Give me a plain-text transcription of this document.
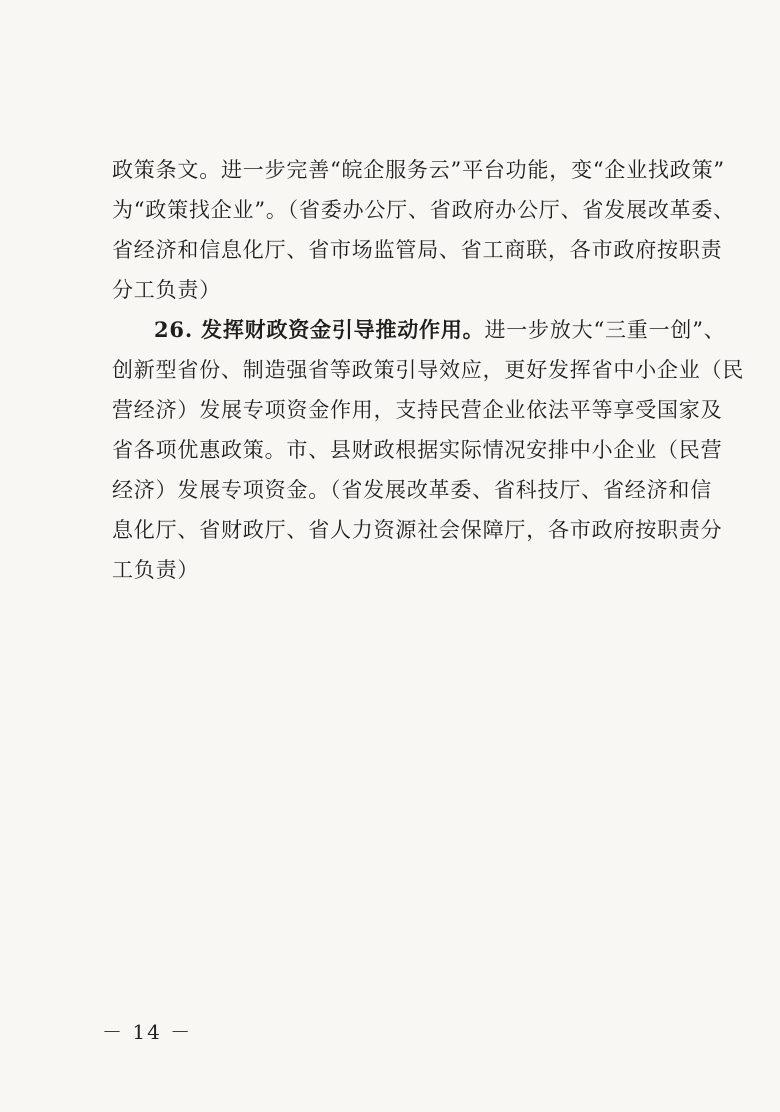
政策条文。进一步完善“皖企服务云”平台功能，变“企业找政策”
为“政策找企业”。（省委办公厅、省政府办公厅、省发展改革委、
省经济和信息化厅、省市场监管局、省工商联，各市政府按职责
分工负责）
26. 发挥财政资金引导推动作用。进一步放大“三重一创”、
创新型省份、制造强省等政策引导效应，更好发挥省中小企业（民
营经济）发展专项资金作用，支持民营企业依法平等享受国家及
省各项优惠政策。市、县财政根据实际情况安排中小企业（民营
经济）发展专项资金。（省发展改革委、省科技厅、省经济和信
息化厅、省财政厅、省人力资源社会保障厅，各市政府按职责分
工负责）
－ 14 －
